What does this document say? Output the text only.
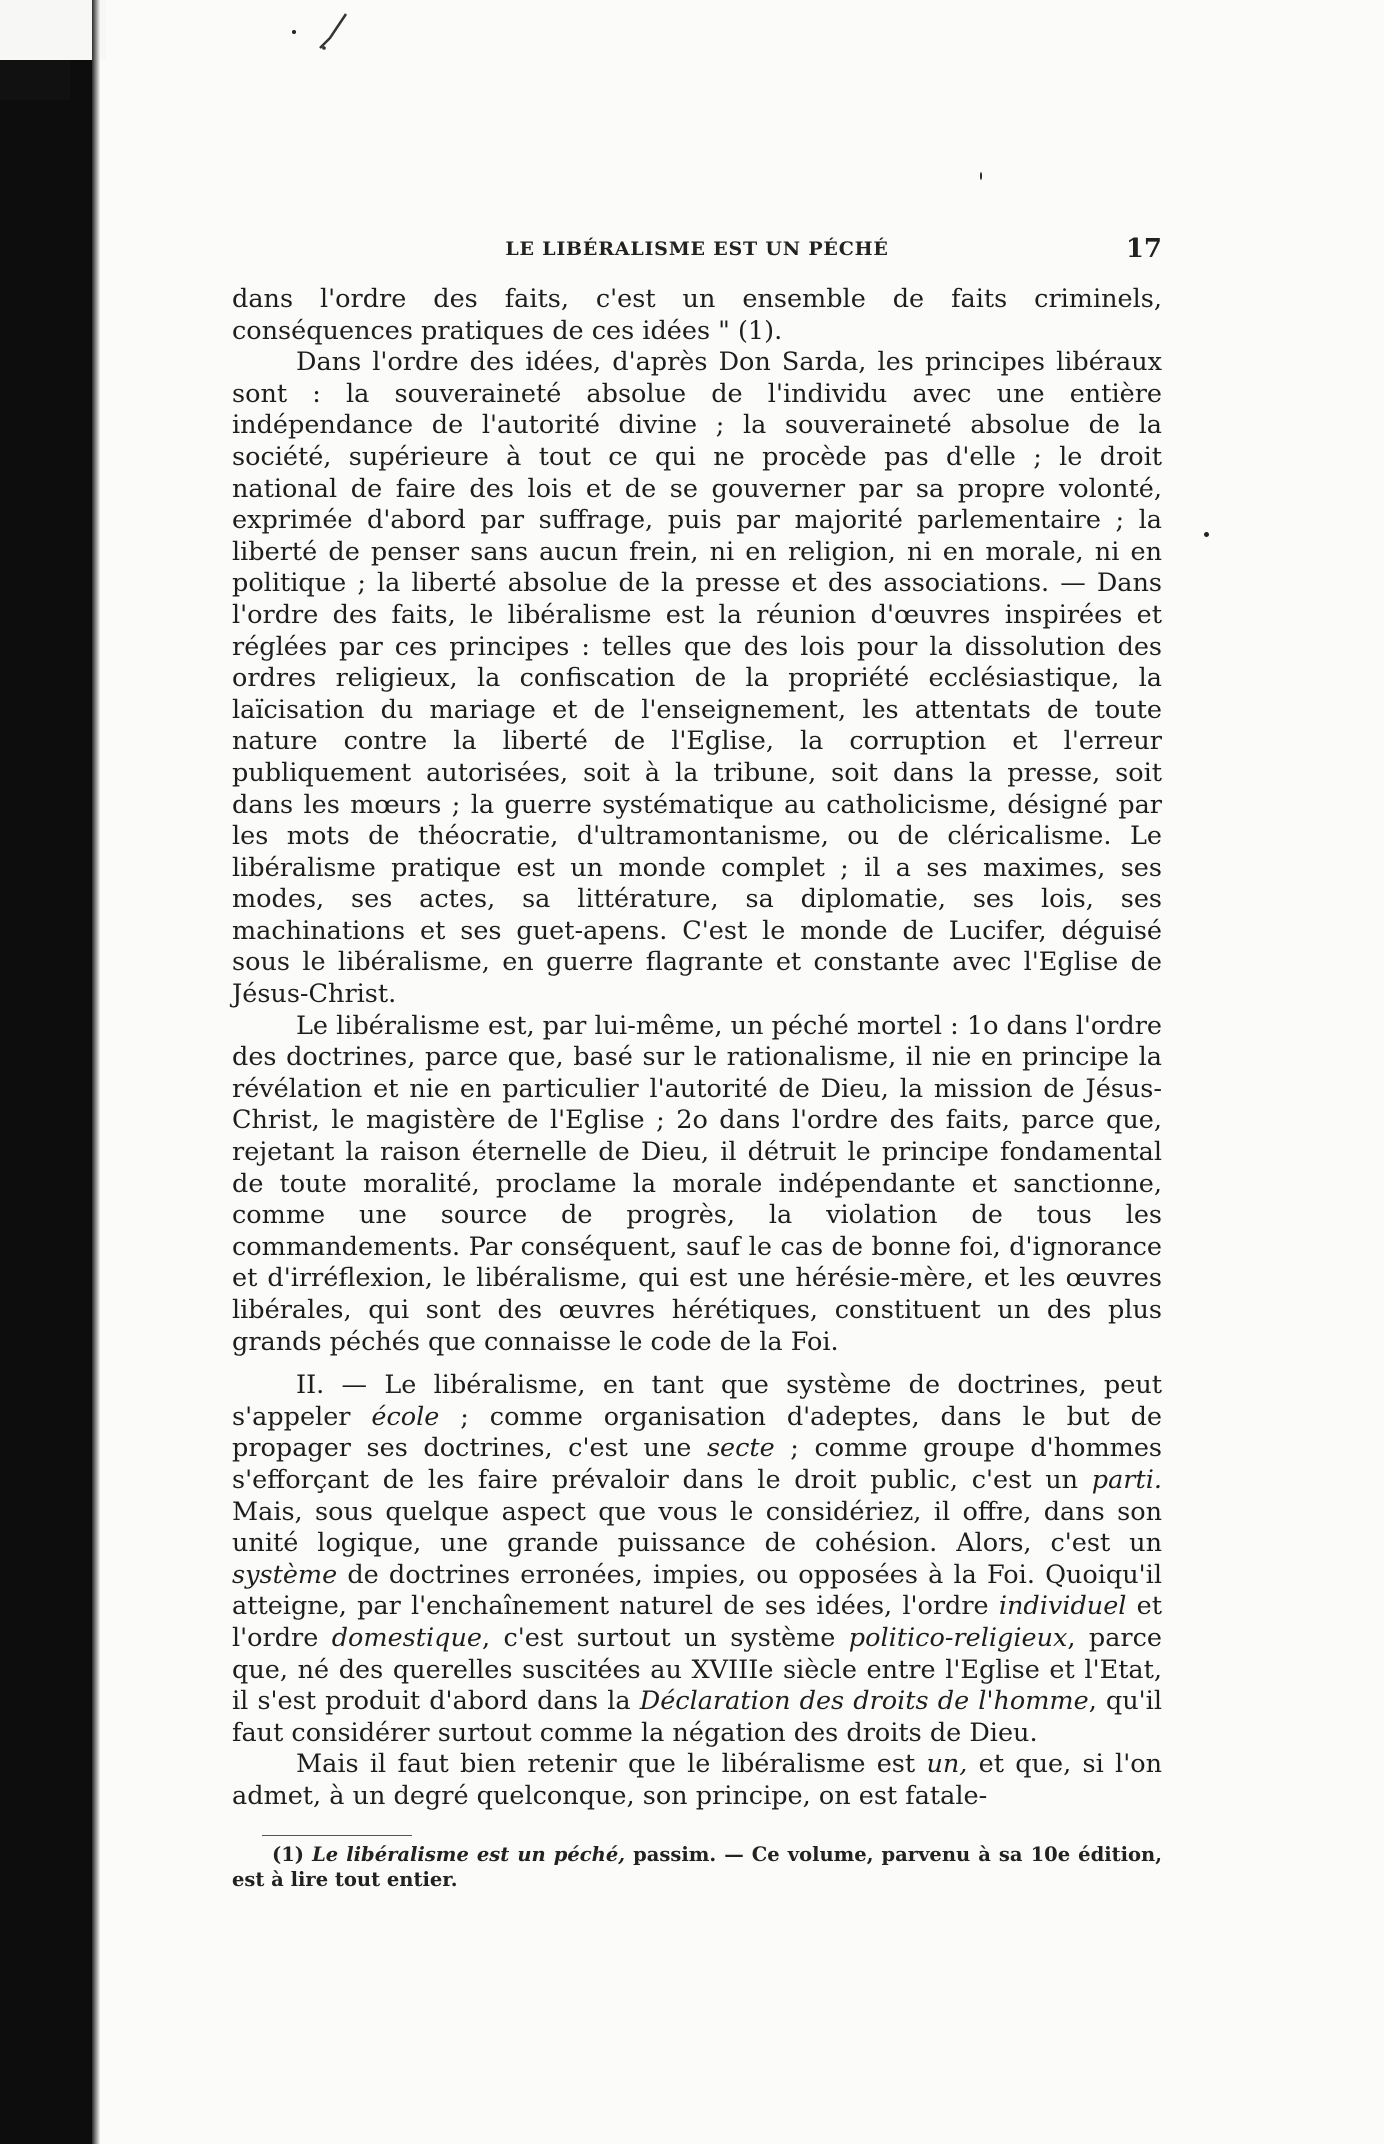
LE LIBÉRALISME EST UN PÉCHÉ	17

dans l'ordre des faits, c'est un ensemble de faits criminels, conséquences pratiques de ces idées " (1).

Dans l'ordre des idées, d'après Don Sarda, les principes libéraux sont : la souveraineté absolue de l'individu avec une entière indépendance de l'autorité divine ; la souveraineté absolue de la société, supérieure à tout ce qui ne procède pas d'elle ; le droit national de faire des lois et de se gouverner par sa propre volonté, exprimée d'abord par suffrage, puis par majorité parlementaire ; la liberté de penser sans aucun frein, ni en religion, ni en morale, ni en politique ; la liberté absolue de la presse et des associations. — Dans l'ordre des faits, le libéralisme est la réunion d'œuvres inspirées et réglées par ces principes : telles que des lois pour la dissolution des ordres religieux, la confiscation de la propriété ecclésiastique, la laïcisation du mariage et de l'enseignement, les attentats de toute nature contre la liberté de l'Eglise, la corruption et l'erreur publiquement autorisées, soit à la tribune, soit dans la presse, soit dans les mœurs ; la guerre systématique au catholicisme, désigné par les mots de théocratie, d'ultramontanisme, ou de cléricalisme. Le libéralisme pratique est un monde complet ; il a ses maximes, ses modes, ses actes, sa littérature, sa diplomatie, ses lois, ses machinations et ses guet-apens. C'est le monde de Lucifer, déguisé sous le libéralisme, en guerre flagrante et constante avec l'Eglise de Jésus-Christ.

Le libéralisme est, par lui-même, un péché mortel : 1o dans l'ordre des doctrines, parce que, basé sur le rationalisme, il nie en principe la révélation et nie en particulier l'autorité de Dieu, la mission de Jésus-Christ, le magistère de l'Eglise ; 2o dans l'ordre des faits, parce que, rejetant la raison éternelle de Dieu, il détruit le principe fondamental de toute moralité, proclame la morale indépendante et sanctionne, comme une source de progrès, la violation de tous les commandements. Par conséquent, sauf le cas de bonne foi, d'ignorance et d'irréflexion, le libéralisme, qui est une hérésie-mère, et les œuvres libérales, qui sont des œuvres hérétiques, constituent un des plus grands péchés que connaisse le code de la Foi.

II. — Le libéralisme, en tant que système de doctrines, peut s'appeler école ; comme organisation d'adeptes, dans le but de propager ses doctrines, c'est une secte ; comme groupe d'hommes s'efforçant de les faire prévaloir dans le droit public, c'est un parti. Mais, sous quelque aspect que vous le considériez, il offre, dans son unité logique, une grande puissance de cohésion. Alors, c'est un système de doctrines erronées, impies, ou opposées à la Foi. Quoiqu'il atteigne, par l'enchaînement naturel de ses idées, l'ordre individuel et l'ordre domestique, c'est surtout un système politico-religieux, parce que, né des querelles suscitées au XVIIIe siècle entre l'Eglise et l'Etat, il s'est produit d'abord dans la Déclaration des droits de l'homme, qu'il faut considérer surtout comme la négation des droits de Dieu.

Mais il faut bien retenir que le libéralisme est un, et que, si l'on admet, à un degré quelconque, son principe, on est fatale-

(1) Le libéralisme est un péché, passim. — Ce volume, parvenu à sa 10e édition, est à lire tout entier.
